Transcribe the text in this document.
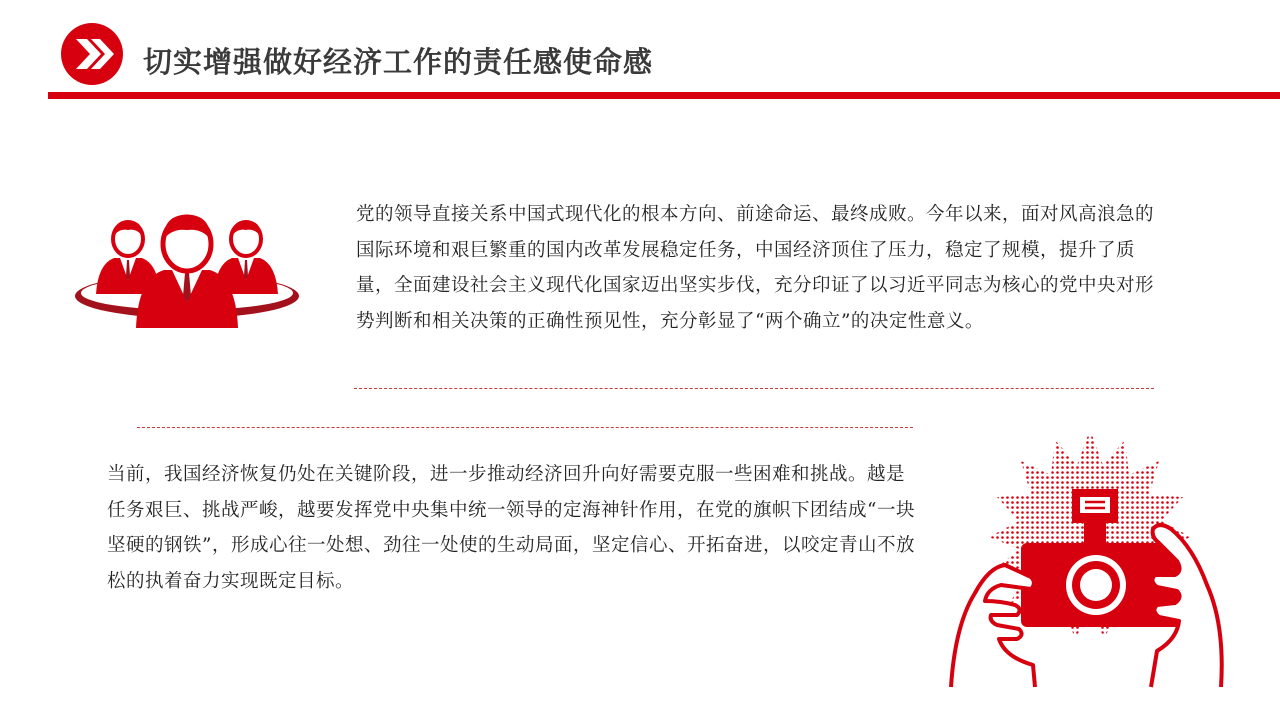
切实增强做好经济工作的责任感使命感

党的领导直接关系中国式现代化的根本方向、前途命运、最终成败。今年以来，面对风高浪急的国际环境和艰巨繁重的国内改革发展稳定任务，中国经济顶住了压力，稳定了规模，提升了质量，全面建设社会主义现代化国家迈出坚实步伐，充分印证了以习近平同志为核心的党中央对形势判断和相关决策的正确性预见性，充分彰显了“两个确立”的决定性意义。

当前，我国经济恢复仍处在关键阶段，进一步推动经济回升向好需要克服一些困难和挑战。越是任务艰巨、挑战严峻，越要发挥党中央集中统一领导的定海神针作用，在党的旗帜下团结成“一块坚硬的钢铁”，形成心往一处想、劲往一处使的生动局面，坚定信心、开拓奋进，以咬定青山不放松的执着奋力实现既定目标。
